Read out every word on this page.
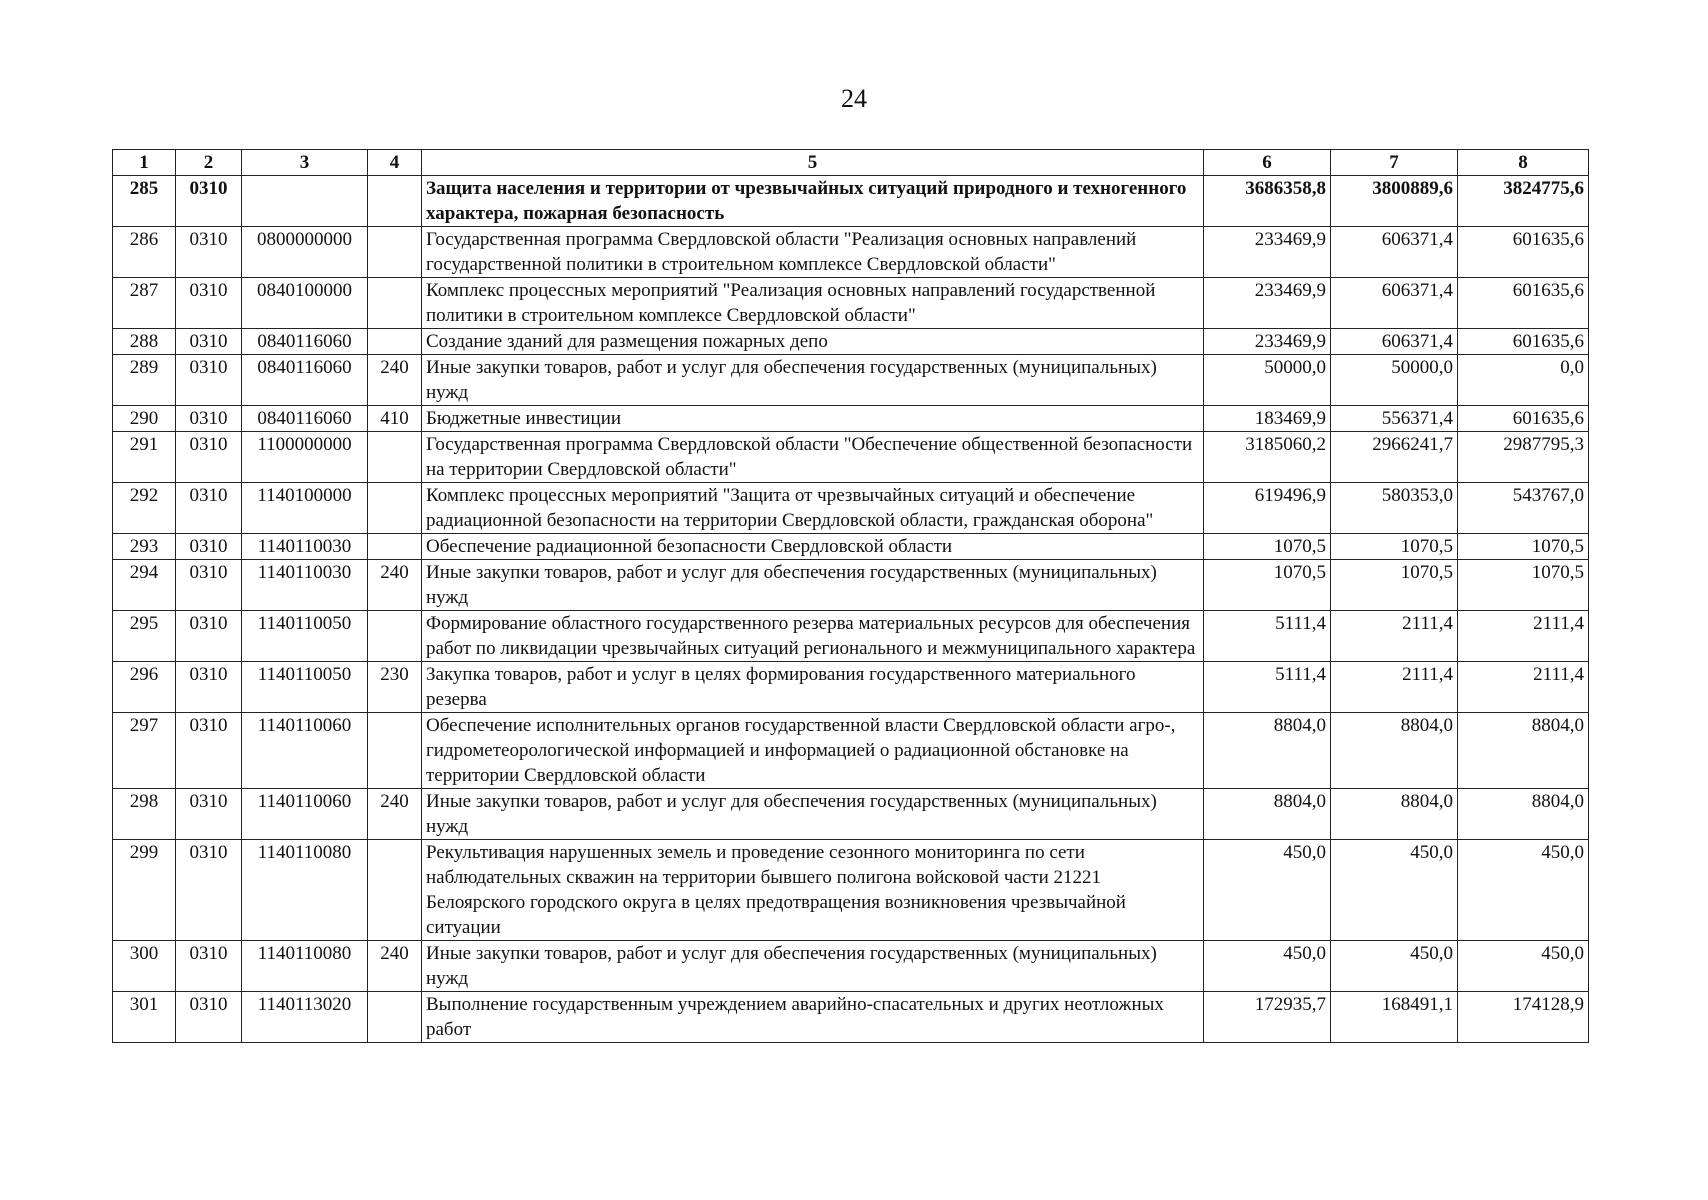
24
1	2	3	4	5	6	7	8
285	0310			Защита населения и территории от чрезвычайных ситуаций природного и техногенного характера, пожарная безопасность	3686358,8	3800889,6	3824775,6
286	0310	0800000000		Государственная программа Свердловской области "Реализация основных направлений государственной политики в строительном комплексе Свердловской области"	233469,9	606371,4	601635,6
287	0310	0840100000		Комплекс процессных мероприятий "Реализация основных направлений государственной политики в строительном комплексе Свердловской области"	233469,9	606371,4	601635,6
288	0310	0840116060		Создание зданий для размещения пожарных депо	233469,9	606371,4	601635,6
289	0310	0840116060	240	Иные закупки товаров, работ и услуг для обеспечения государственных (муниципальных) нужд	50000,0	50000,0	0,0
290	0310	0840116060	410	Бюджетные инвестиции	183469,9	556371,4	601635,6
291	0310	1100000000		Государственная программа Свердловской области "Обеспечение общественной безопасности на территории Свердловской области"	3185060,2	2966241,7	2987795,3
292	0310	1140100000		Комплекс процессных мероприятий "Защита от чрезвычайных ситуаций и обеспечение радиационной безопасности на территории Свердловской области, гражданская оборона"	619496,9	580353,0	543767,0
293	0310	1140110030		Обеспечение радиационной безопасности Свердловской области	1070,5	1070,5	1070,5
294	0310	1140110030	240	Иные закупки товаров, работ и услуг для обеспечения государственных (муниципальных) нужд	1070,5	1070,5	1070,5
295	0310	1140110050		Формирование областного государственного резерва материальных ресурсов для обеспечения работ по ликвидации чрезвычайных ситуаций регионального и межмуниципального характера	5111,4	2111,4	2111,4
296	0310	1140110050	230	Закупка товаров, работ и услуг в целях формирования государственного материального резерва	5111,4	2111,4	2111,4
297	0310	1140110060		Обеспечение исполнительных органов государственной власти Свердловской области агро-, гидрометеорологической информацией и информацией о радиационной обстановке на территории Свердловской области	8804,0	8804,0	8804,0
298	0310	1140110060	240	Иные закупки товаров, работ и услуг для обеспечения государственных (муниципальных) нужд	8804,0	8804,0	8804,0
299	0310	1140110080		Рекультивация нарушенных земель и проведение сезонного мониторинга по сети наблюдательных скважин на территории бывшего полигона войсковой части 21221 Белоярского городского округа в целях предотвращения возникновения чрезвычайной ситуации	450,0	450,0	450,0
300	0310	1140110080	240	Иные закупки товаров, работ и услуг для обеспечения государственных (муниципальных) нужд	450,0	450,0	450,0
301	0310	1140113020		Выполнение государственным учреждением аварийно-спасательных и других неотложных работ	172935,7	168491,1	174128,9
